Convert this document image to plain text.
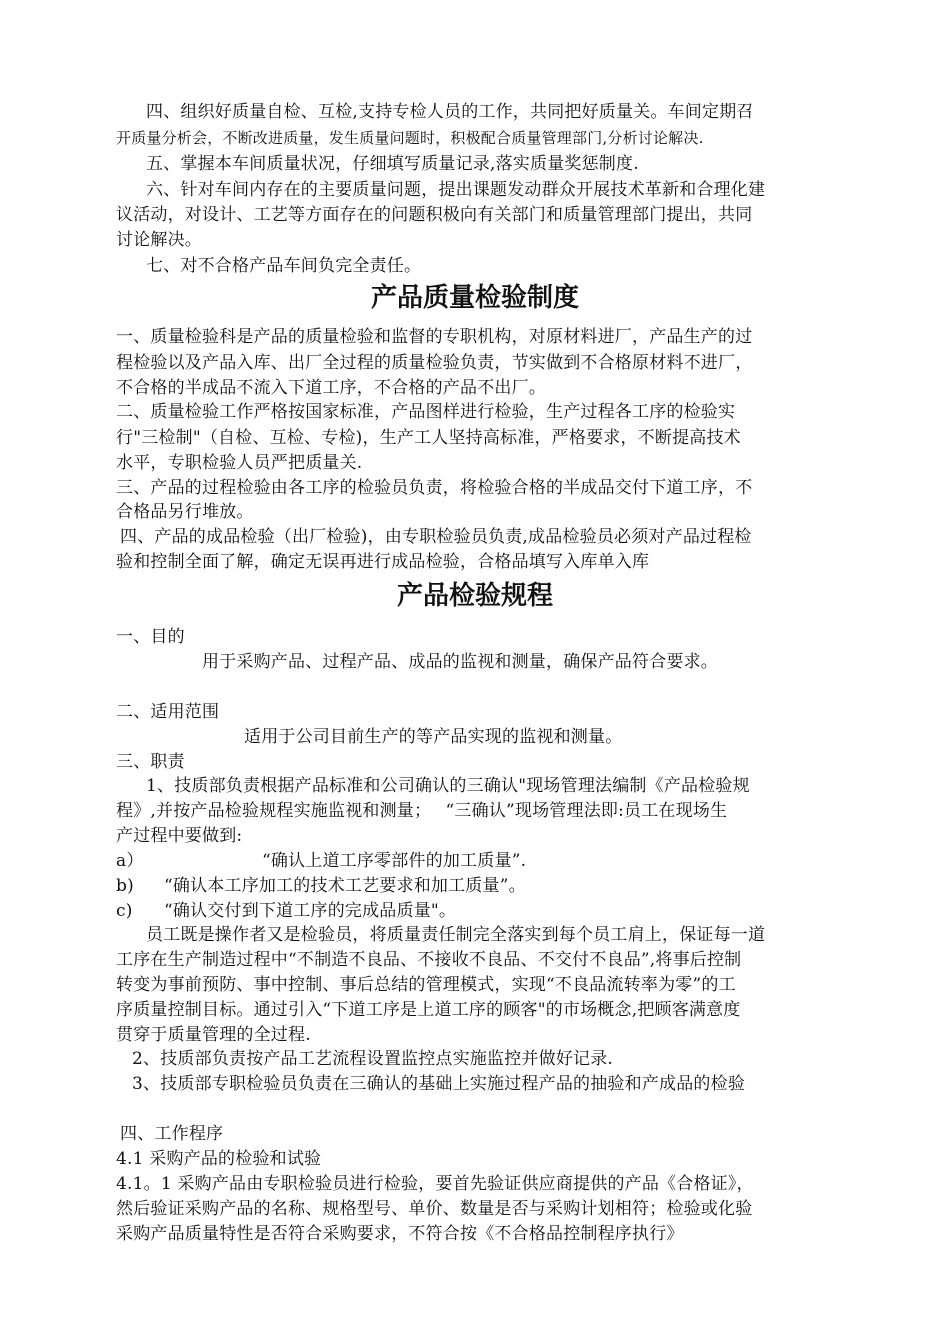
四、组织好质量自检、互检,支持专检人员的工作，共同把好质量关。车间定期召
开质量分析会，不断改进质量，发生质量问题时，积极配合质量管理部门,分析讨论解决.
五、掌握本车间质量状况，仔细填写质量记录,落实质量奖惩制度.
六、针对车间内存在的主要质量问题，提出课题发动群众开展技术革新和合理化建
议活动，对设计、工艺等方面存在的问题积极向有关部门和质量管理部门提出，共同
讨论解决。
七、对不合格产品车间负完全责任。
产品质量检验制度
一、质量检验科是产品的质量检验和监督的专职机构，对原材料进厂，产品生产的过
程检验以及产品入库、出厂全过程的质量检验负责，节实做到不合格原材料不进厂，
不合格的半成品不流入下道工序，不合格的产品不出厂。
二、质量检验工作严格按国家标准，产品图样进行检验，生产过程各工序的检验实
行"三检制"（自检、互检、专检)，生产工人坚持高标准，严格要求，不断提高技术
水平，专职检验人员严把质量关.
三、产品的过程检验由各工序的检验员负责，将检验合格的半成品交付下道工序，不
合格品另行堆放。
四、产品的成品检验（出厂检验)，由专职检验员负责,成品检验员必须对产品过程检
验和控制全面了解，确定无误再进行成品检验，合格品填写入库单入库
产品检验规程
一、目的
用于采购产品、过程产品、成品的监视和测量，确保产品符合要求。
二、适用范围
适用于公司目前生产的等产品实现的监视和测量。
三、职责
1、技质部负责根据产品标准和公司确认的三确认"现场管理法编制《产品检验规
程》,并按产品检验规程实施监视和测量；　 “三确认”现场管理法即:员工在现场生
产过程中要做到:
a）	“确认上道工序零部件的加工质量”.
b)	“确认本工序加工的技术工艺要求和加工质量”。
c)	“确认交付到下道工序的完成品质量"。
员工既是操作者又是检验员，将质量责任制完全落实到每个员工肩上，保证每一道
工序在生产制造过程中“不制造不良品、不接收不良品、不交付不良品”,将事后控制
转变为事前预防、事中控制、事后总结的管理模式，实现“不良品流转率为零”的工
序质量控制目标。通过引入“下道工序是上道工序的顾客"的市场概念,把顾客满意度
贯穿于质量管理的全过程.
2、技质部负责按产品工艺流程设置监控点实施监控并做好记录.
3、技质部专职检验员负责在三确认的基础上实施过程产品的抽验和产成品的检验
四、工作程序
4.1 采购产品的检验和试验
4.1。1 采购产品由专职检验员进行检验，要首先验证供应商提供的产品《合格证》，
然后验证采购产品的名称、规格型号、单价、数量是否与采购计划相符；检验或化验
采购产品质量特性是否符合采购要求，不符合按《不合格品控制程序执行》
